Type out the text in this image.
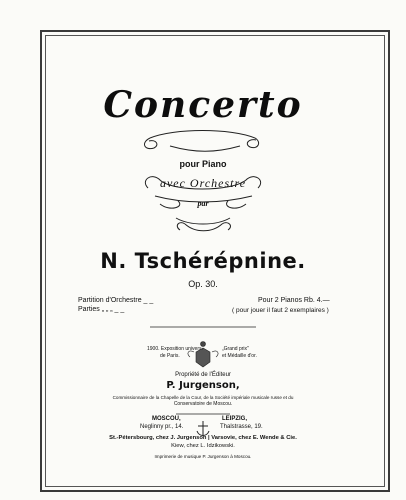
Concerto
pour Piano
avec Orchestre
par
N. Tschérépnine.
Op. 30.
Partition d'Orchestre _ _
Parties „ „ „ _ _
Pour 2 Pianos Rb. 4.—
( pour jouer il faut 2 exemplaires )
1900. Exposition univers.
de Paris.
„Grand prix"
et Médaille d'or.
Propriété de l'Éditeur
P. Jurgenson,
Commissionnaire de la Chapelle de la Cour, de la Société impériale musicale russe et du
Conservatoire de Moscou.
MOSCOU,	LEIPZIG,
Neglinny pr., 14.	Thalstrasse, 19.
St.-Pétersbourg, chez J. Jurgenson | Varsovie, chez E. Wende & Cie.
Kiew, chez L. Idzikowski.
Imprimerie de musique P. Jurgenson à Moscou.
